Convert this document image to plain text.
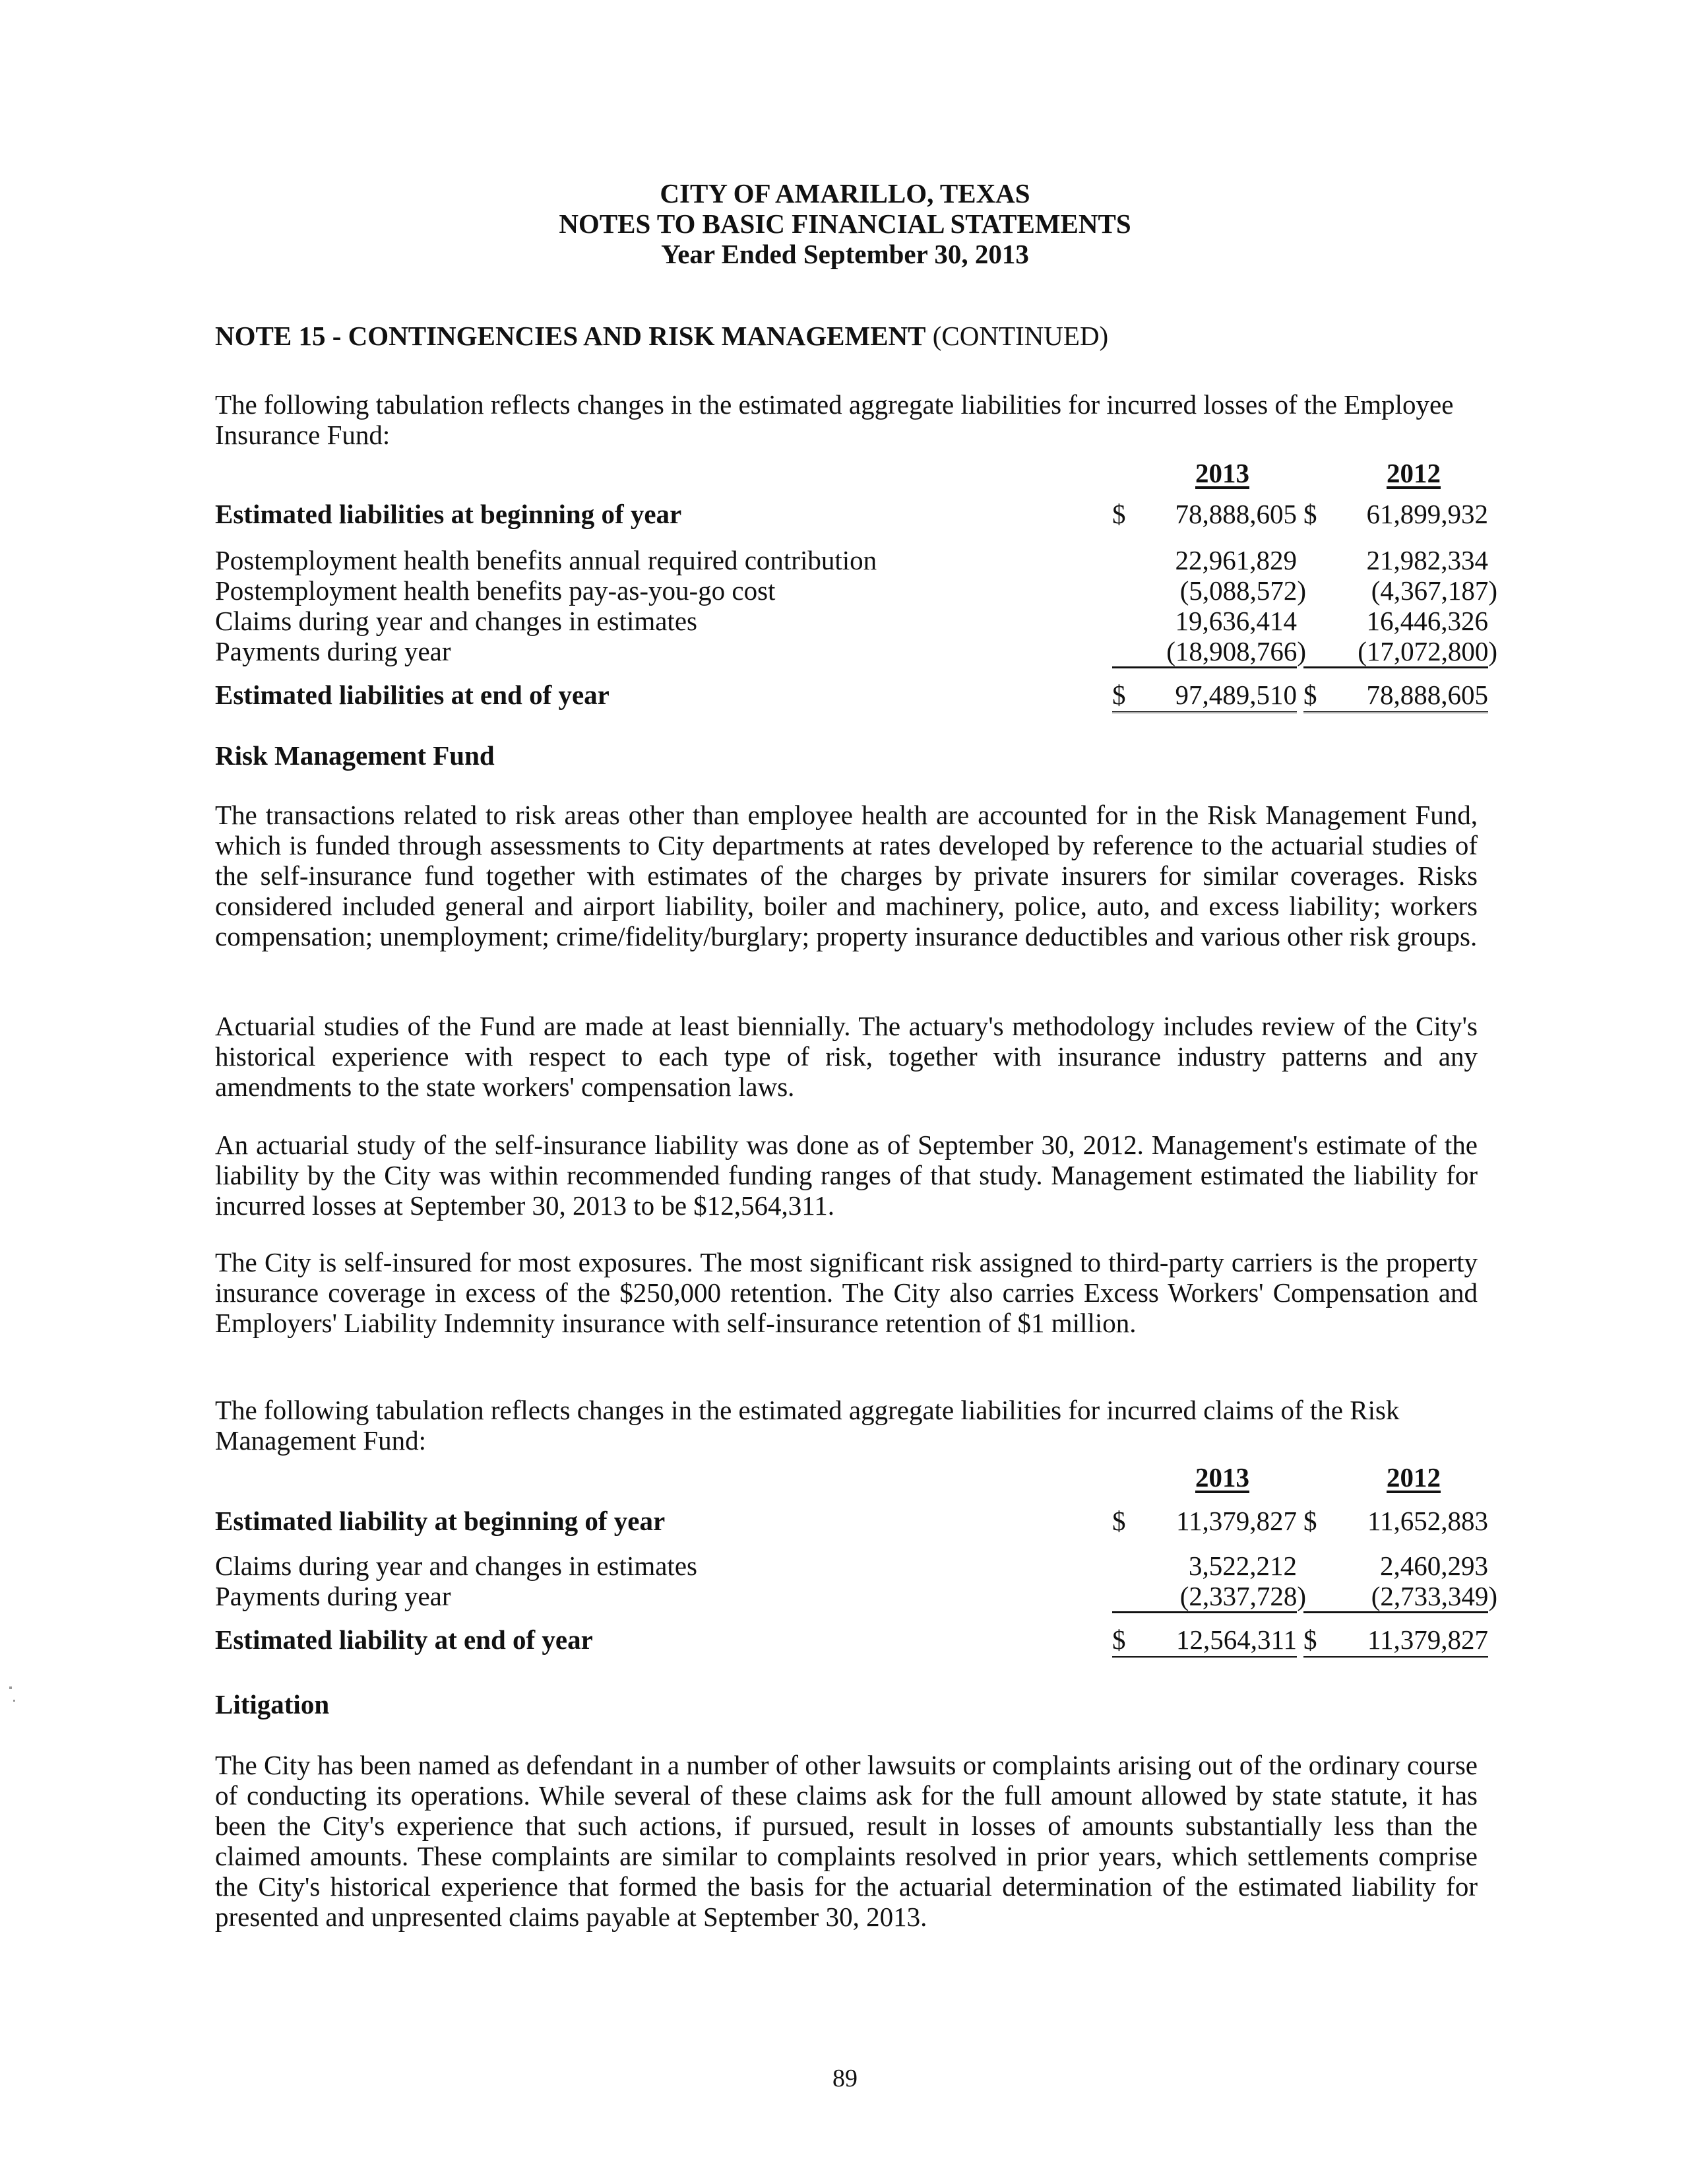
CITY OF AMARILLO, TEXAS
NOTES TO BASIC FINANCIAL STATEMENTS
Year Ended September 30, 2013
NOTE 15 - CONTINGENCIES AND RISK MANAGEMENT (CONTINUED)
The following tabulation reflects changes in the estimated aggregate liabilities for incurred losses of the Employee Insurance Fund:
2013	2012
Estimated liabilities at beginning of year	$ 78,888,605 $ 61,899,932
Postemployment health benefits annual required contribution	22,961,829	21,982,334
Postemployment health benefits pay-as-you-go cost	(5,088,572) (4,367,187)
Claims during year and changes in estimates	19,636,414	16,446,326
Payments during year	(18,908,766) (17,072,800)
Estimated liabilities at end of year	$ 97,489,510 $ 78,888,605
Risk Management Fund
The transactions related to risk areas other than employee health are accounted for in the Risk Management Fund, which is funded through assessments to City departments at rates developed by reference to the actuarial studies of the self-insurance fund together with estimates of the charges by private insurers for similar coverages. Risks considered included general and airport liability, boiler and machinery, police, auto, and excess liability; workers compensation; unemployment; crime/fidelity/burglary; property insurance deductibles and various other risk groups.
Actuarial studies of the Fund are made at least biennially. The actuary's methodology includes review of the City's historical experience with respect to each type of risk, together with insurance industry patterns and any amendments to the state workers' compensation laws.
An actuarial study of the self-insurance liability was done as of September 30, 2012. Management's estimate of the liability by the City was within recommended funding ranges of that study. Management estimated the liability for incurred losses at September 30, 2013 to be $12,564,311.
The City is self-insured for most exposures. The most significant risk assigned to third-party carriers is the property insurance coverage in excess of the $250,000 retention. The City also carries Excess Workers' Compensation and Employers' Liability Indemnity insurance with self-insurance retention of $1 million.
The following tabulation reflects changes in the estimated aggregate liabilities for incurred claims of the Risk Management Fund:
2013	2012
Estimated liability at beginning of year	$ 11,379,827 $ 11,652,883
Claims during year and changes in estimates	3,522,212	2,460,293
Payments during year	(2,337,728) (2,733,349)
Estimated liability at end of year	$ 12,564,311 $ 11,379,827
Litigation
The City has been named as defendant in a number of other lawsuits or complaints arising out of the ordinary course of conducting its operations. While several of these claims ask for the full amount allowed by state statute, it has been the City's experience that such actions, if pursued, result in losses of amounts substantially less than the claimed amounts. These complaints are similar to complaints resolved in prior years, which settlements comprise the City's historical experience that formed the basis for the actuarial determination of the estimated liability for presented and unpresented claims payable at September 30, 2013.
89
